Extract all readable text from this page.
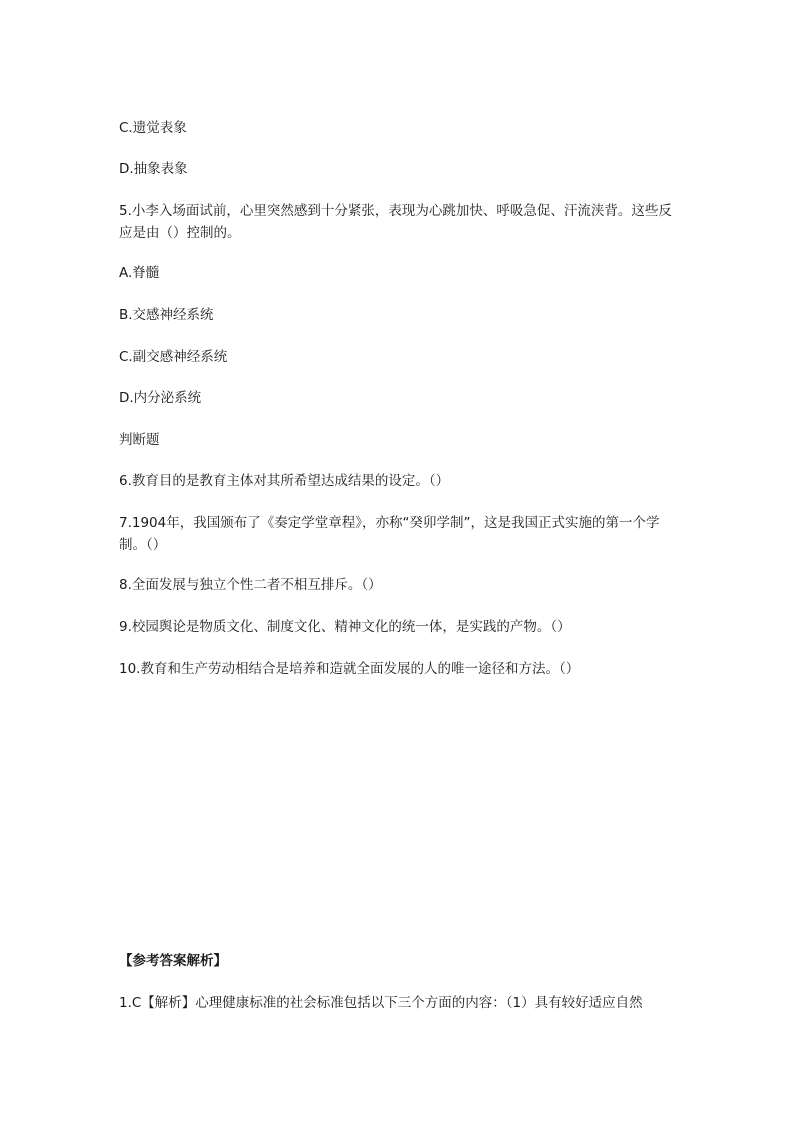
C.遗觉表象
D.抽象表象
5.小李入场面试前，心里突然感到十分紧张，表现为心跳加快、呼吸急促、汗流浃背。这些反应是由（）控制的。
A.脊髓
B.交感神经系统
C.副交感神经系统
D.内分泌系统
判断题
6.教育目的是教育主体对其所希望达成结果的设定。（）
7.1904年，我国颁布了《奏定学堂章程》，亦称“癸卯学制”，这是我国正式实施的第一个学制。（）
8.全面发展与独立个性二者不相互排斥。（）
9.校园舆论是物质文化、制度文化、精神文化的统一体，是实践的产物。（）
10.教育和生产劳动相结合是培养和造就全面发展的人的唯一途径和方法。（）
【参考答案解析】
1.C【解析】心理健康标准的社会标准包括以下三个方面的内容：（1）具有较好适应自然
